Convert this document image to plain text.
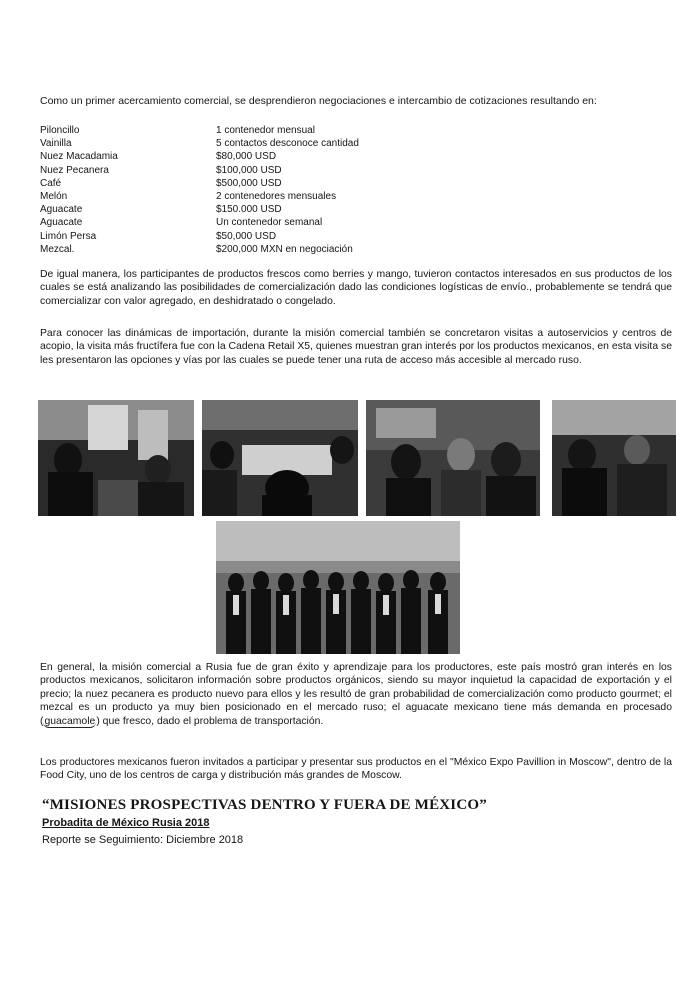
Como un primer acercamiento comercial, se desprendieron negociaciones e intercambio de cotizaciones resultando en:
Piloncillo	1 contenedor mensual
Vainilla	5 contactos desconoce cantidad
Nuez Macadamia	$80,000 USD
Nuez Pecanera	$100,000 USD
Café	$500,000 USD
Melón	2 contenedores mensuales
Aguacate	$150.000 USD
Aguacate	Un contenedor semanal
Limón Persa	$50,000 USD
Mezcal.	$200,000 MXN en negociación

De igual manera, los participantes de productos frescos como berries y mango, tuvieron contactos interesados en sus productos de los cuales se está analizando las posibilidades de comercialización dado las condiciones logísticas de envío., probablemente se tendrá que comercializar con valor agregado, en deshidratado o congelado.

Para conocer las dinámicas de importación, durante la misión comercial también se concretaron visitas a autoservicios y centros de acopio, la visita más fructífera fue con la Cadena Retail X5, quienes muestran gran interés por los productos mexicanos, en esta visita se les presentaron las opciones y vías por las cuales se puede tener una ruta de acceso más accesible al mercado ruso.

En general, la misión comercial a Rusia fue de gran éxito y aprendizaje para los productores, este país mostró gran interés en los productos mexicanos, solicitaron información sobre productos orgánicos, siendo su mayor inquietud la capacidad de exportación y el precio; la nuez pecanera es producto nuevo para ellos y les resultó de gran probabilidad de comercialización como producto gourmet; el mezcal es un producto ya muy bien posicionado en el mercado ruso; el aguacate mexicano tiene más demanda en procesado (guacamole) que fresco, dado el problema de transportación.

Los productores mexicanos fueron invitados a participar y presentar sus productos en el "México Expo Pavillion in Moscow", dentro de la Food City, uno de los centros de carga y distribución más grandes de Moscow.

“MISIONES PROSPECTIVAS DENTRO Y FUERA DE MÉXICO”
Probadita de México Rusia 2018
Reporte se Seguimiento: Diciembre 2018
